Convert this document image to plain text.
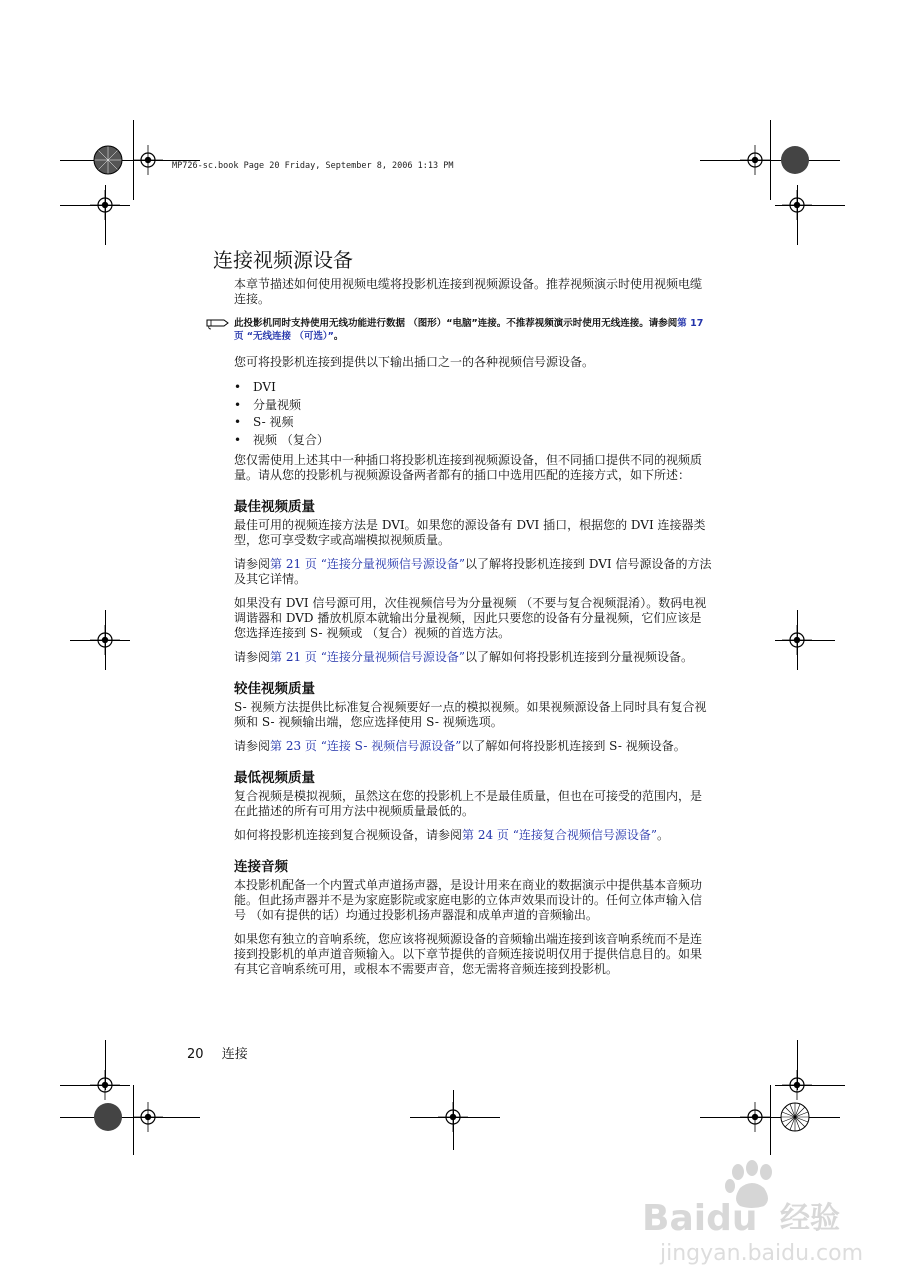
MP726-sc.book Page 20 Friday, September 8, 2006 1:13 PM
连接视频源设备

本章节描述如何使用视频电缆将投影机连接到视频源设备。推荐视频演示时使用视频电缆连接。

此投影机同时支持使用无线功能进行数据 （图形）“电脑”连接。不推荐视频演示时使用无线连接。请参阅第 17 页 “无线连接 （可选）”。

您可将投影机连接到提供以下输出插口之一的各种视频信号源设备。

• DVI
• 分量视频
• S- 视频
• 视频 （复合）

您仅需使用上述其中一种插口将投影机连接到视频源设备，但不同插口提供不同的视频质量。请从您的投影机与视频源设备两者都有的插口中选用匹配的连接方式，如下所述：

最佳视频质量

最佳可用的视频连接方法是 DVI。如果您的源设备有 DVI 插口，根据您的 DVI 连接器类型，您可享受数字或高端模拟视频质量。

请参阅第 21 页 “连接分量视频信号源设备”以了解将投影机连接到 DVI 信号源设备的方法及其它详情。

如果没有 DVI 信号源可用，次佳视频信号为分量视频 （不要与复合视频混淆）。数码电视调谐器和 DVD 播放机原本就输出分量视频，因此只要您的设备有分量视频，它们应该是您选择连接到 S- 视频或 （复合）视频的首选方法。

请参阅第 21 页 “连接分量视频信号源设备”以了解如何将投影机连接到分量视频设备。

较佳视频质量

S- 视频方法提供比标准复合视频要好一点的模拟视频。如果视频源设备上同时具有复合视频和 S- 视频输出端，您应选择使用 S- 视频选项。

请参阅第 23 页 “连接 S- 视频信号源设备”以了解如何将投影机连接到 S- 视频设备。

最低视频质量

复合视频是模拟视频，虽然这在您的投影机上不是最佳质量，但也在可接受的范围内，是在此描述的所有可用方法中视频质量最低的。

如何将投影机连接到复合视频设备，请参阅第 24 页 “连接复合视频信号源设备”。

连接音频

本投影机配备一个内置式单声道扬声器，是设计用来在商业的数据演示中提供基本音频功能。但此扬声器并不是为家庭影院或家庭电影的立体声效果而设计的。任何立体声输入信号 （如有提供的话）均通过投影机扬声器混和成单声道的音频输出。

如果您有独立的音响系统，您应该将视频源设备的音频输出端连接到该音响系统而不是连接到投影机的单声道音频输入。以下章节提供的音频连接说明仅用于提供信息目的。如果有其它音响系统可用，或根本不需要声音，您无需将音频连接到投影机。

20 连接
Baidu 经验
jingyan.baidu.com
